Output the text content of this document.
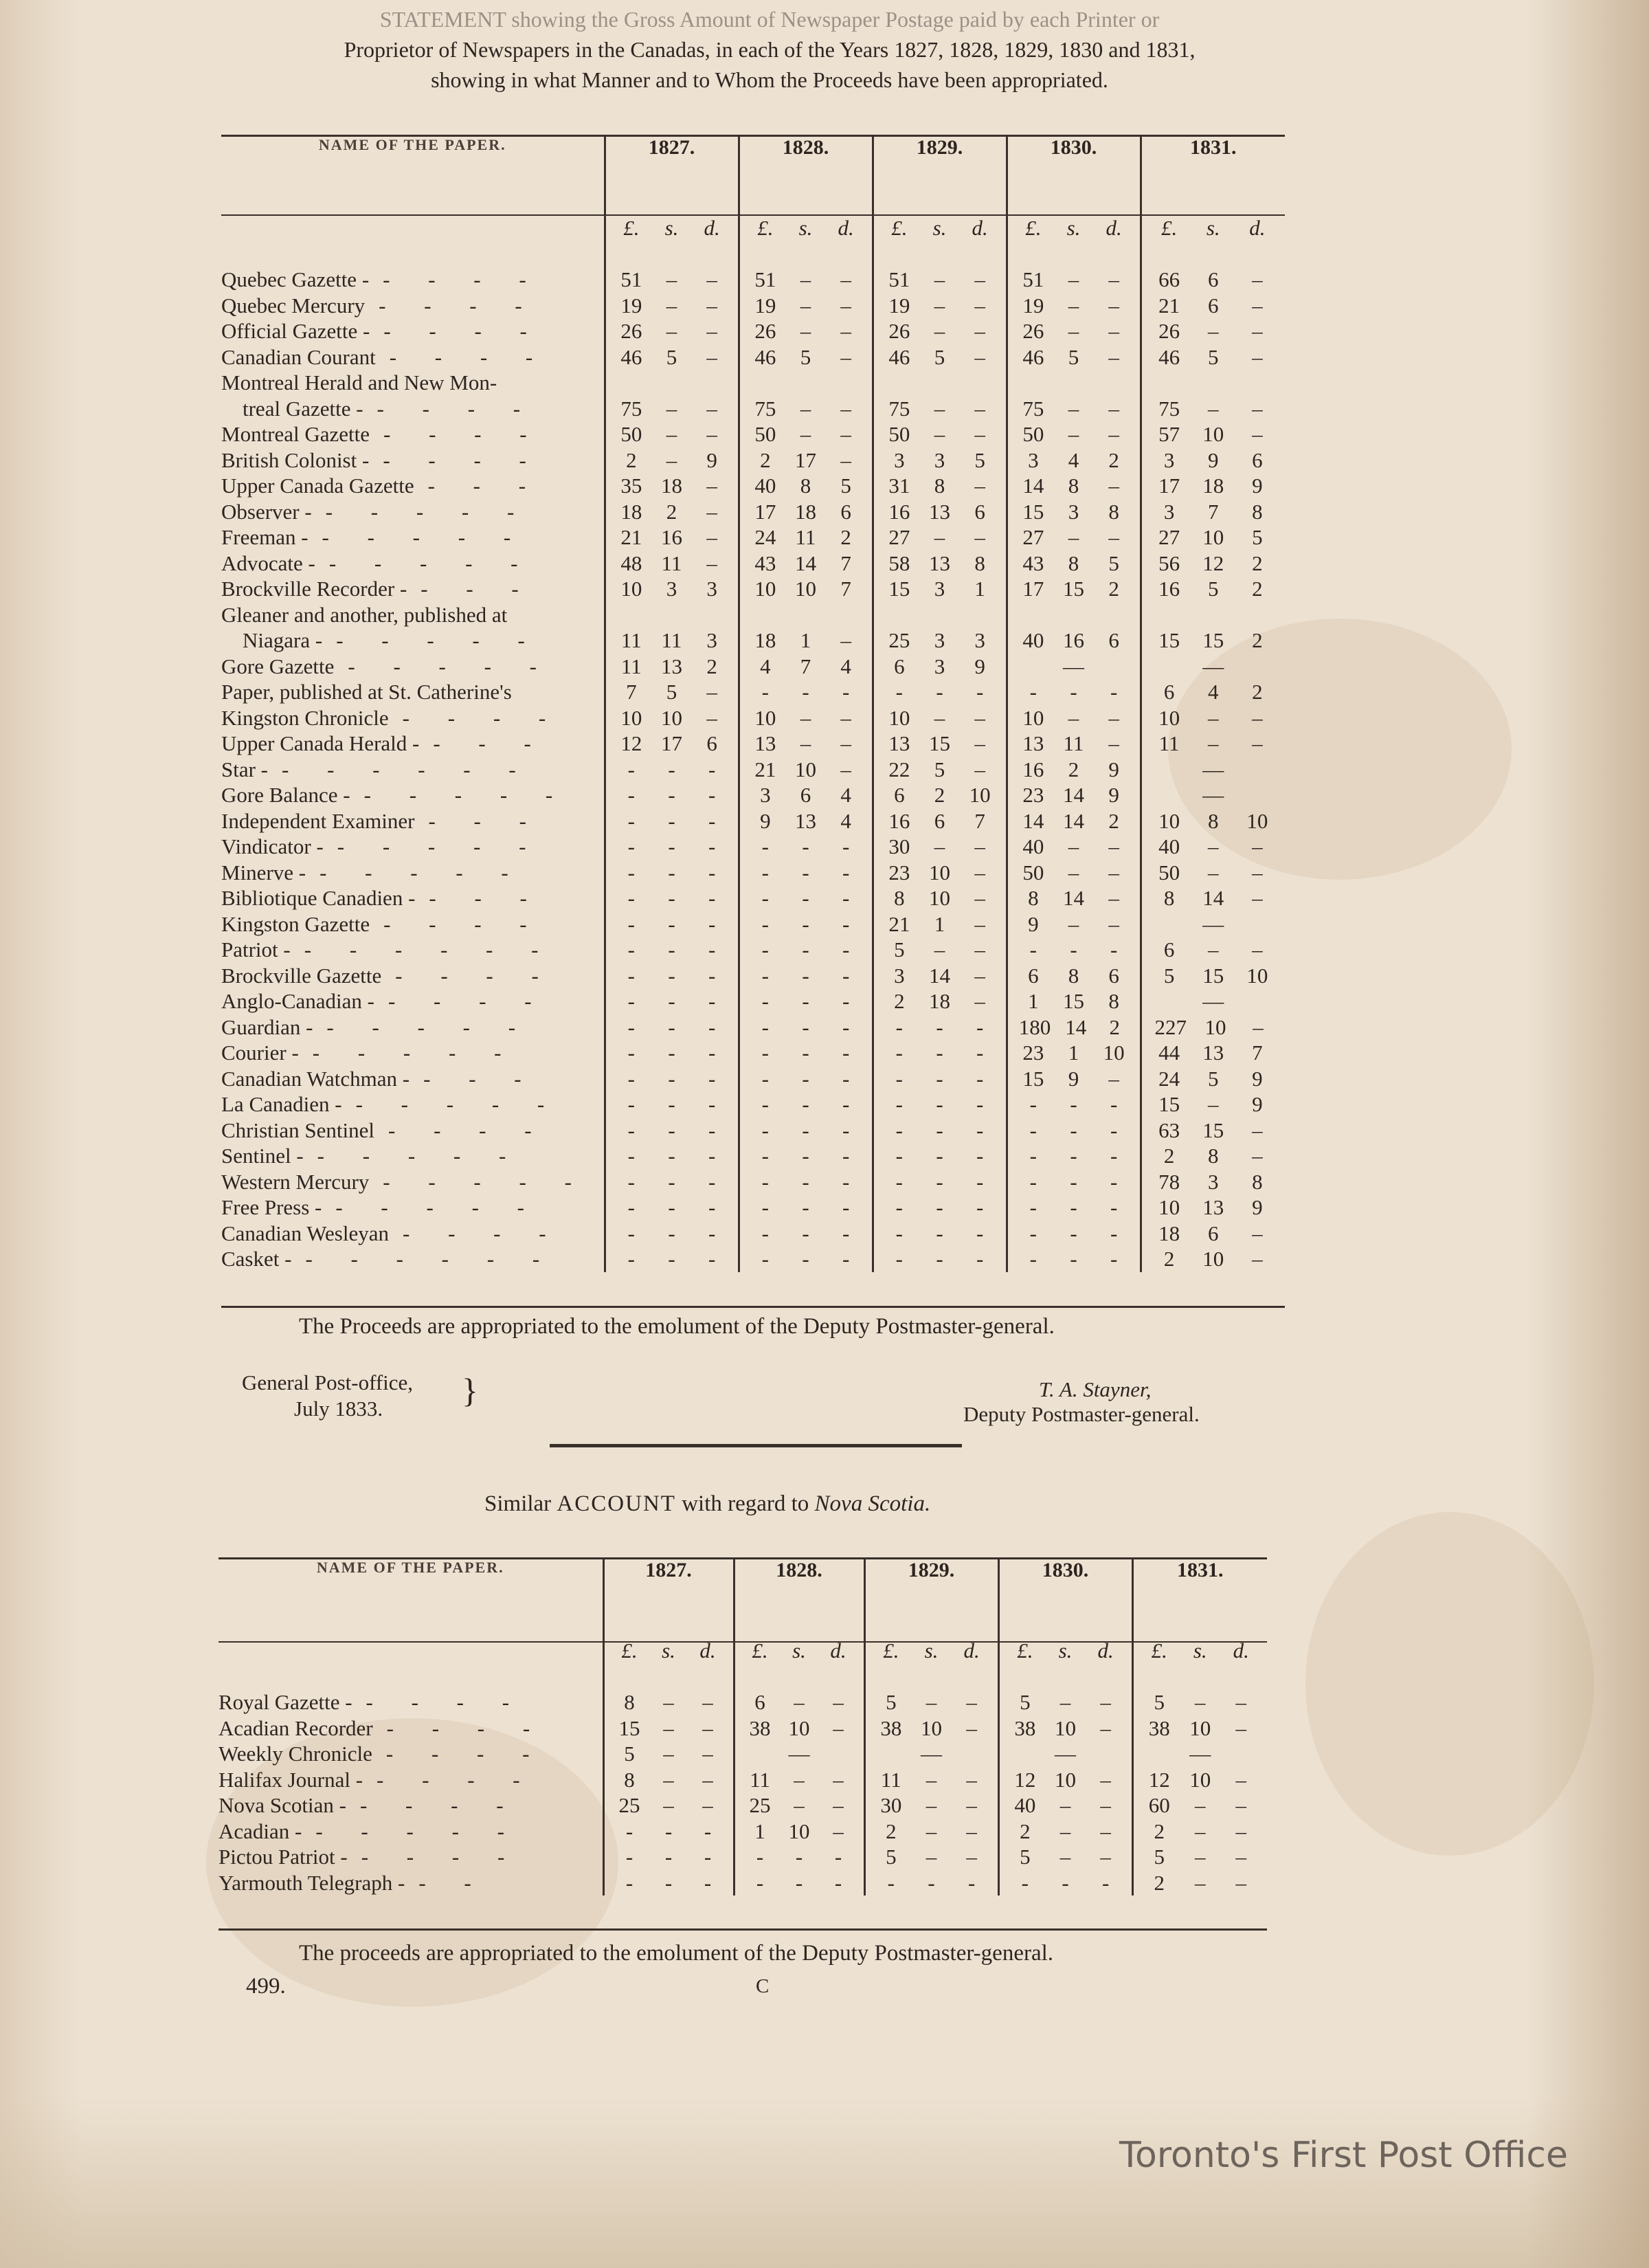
STATEMENT showing the Gross Amount of Newspaper Postage paid by each Printer or
Proprietor of Newspapers in the Canadas, in each of the Years 1827, 1828, 1829, 1830 and 1831,
showing in what Manner and to Whom the Proceeds have been appropriated.
NAME OF THE PAPER.	1827.	1828.	1829.	1830.	1831.

	£. s. d.	£. s. d.	£. s. d.	£. s. d.	£. s. d.

Quebec Gazette - - - - -	51 – –	51 – –	51 – –	51 – –	66 6 –

Quebec Mercury - - - -	19 – –	19 – –	19 – –	19 – –	21 6 –

Official Gazette - - - - -	26 – –	26 – –	26 – –	26 – –	26 – –

Canadian Courant - - - -	46 5 –	46 5 –	46 5 –	46 5 –	46 5 –

Montreal Herald and New Mon-	

treal Gazette - - - - -	75 – –	75 – –	75 – –	75 – –	75 – –

Montreal Gazette - - - -	50 – –	50 – –	50 – –	50 – –	57 10 –

British Colonist - - - - -	2 – 9	2 17 –	3 3 5	3 4 2	3 9 6

Upper Canada Gazette - - -	35 18 –	40 8 5	31 8 –	14 8 –	17 18 9

Observer - - - - - -	18 2 –	17 18 6	16 13 6	15 3 8	3 7 8

Freeman - - - - - -	21 16 –	24 11 2	27 – –	27 – –	27 10 5

Advocate - - - - - -	48 11 –	43 14 7	58 13 8	43 8 5	56 12 2

Brockville Recorder - - - -	10 3 3	10 10 7	15 3 1	17 15 2	16 5 2

Gleaner and another, published at	

Niagara - - - - - -	11 11 3	18 1 –	25 3 3	40 16 6	15 15 2

Gore Gazette - - - - -	11 13 2	4 7 4	6 3 9	—	—

Paper, published at St. Catherine's	7 5 –	- - -	- - -	- - -	6 4 2

Kingston Chronicle - - - -	10 10 –	10 – –	10 – –	10 – –	10 – –

Upper Canada Herald - - - -	12 17 6	13 – –	13 15 –	13 11 –	11 – –

Star - - - - - - -	- - -	21 10 –	22 5 –	16 2 9	—

Gore Balance - - - - - -	- - -	3 6 4	6 2 10	23 14 9	—

Independent Examiner - - -	- - -	9 13 4	16 6 7	14 14 2	10 8 10

Vindicator - - - - - -	- - -	- - -	30 – –	40 – –	40 – –

Minerve - - - - - -	- - -	- - -	23 10 –	50 – –	50 – –

Bibliotique Canadien - - - -	- - -	- - -	8 10 –	8 14 –	8 14 –

Kingston Gazette - - - -	- - -	- - -	21 1 –	9 – –	—

Patriot - - - - - - -	- - -	- - -	5 – –	- - -	6 – –

Brockville Gazette - - - -	- - -	- - -	3 14 –	6 8 6	5 15 10

Anglo-Canadian - - - - -	- - -	- - -	2 18 –	1 15 8	—

Guardian - - - - - -	- - -	- - -	- - -	180 14 2	227 10 –

Courier - - - - - -	- - -	- - -	- - -	23 1 10	44 13 7

Canadian Watchman - - - -	- - -	- - -	- - -	15 9 –	24 5 9

La Canadien - - - - - -	- - -	- - -	- - -	- - -	15 – 9

Christian Sentinel - - - -	- - -	- - -	- - -	- - -	63 15 –

Sentinel - - - - - -	- - -	- - -	- - -	- - -	2 8 –

Western Mercury - - - - -	- - -	- - -	- - -	- - -	78 3 8

Free Press - - - - - -	- - -	- - -	- - -	- - -	10 13 9

Canadian Wesleyan - - - -	- - -	- - -	- - -	- - -	18 6 –

Casket - - - - - - -	- - -	- - -	- - -	- - -	2 10 –
The Proceeds are appropriated to the emolument of the Deputy Postmaster-general.
General Post-office,
July 1833. }	T. A. Stayner,
Deputy Postmaster-general.
Similar ACCOUNT with regard to Nova Scotia.
NAME OF THE PAPER.	1827.	1828.	1829.	1830.	1831.

	£. s. d.	£. s. d.	£. s. d.	£. s. d.	£. s. d.

Royal Gazette - - - - -	8 – –	6 – –	5 – –	5 – –	5 – –

Acadian Recorder - - - -	15 – –	38 10 –	38 10 –	38 10 –	38 10 –

Weekly Chronicle - - - -	5 – –	—	—	—	—

Halifax Journal - - - - -	8 – –	11 – –	11 – –	12 10 –	12 10 –

Nova Scotian - - - - -	25 – –	25 – –	30 – –	40 – –	60 – –

Acadian - - - - - -	- - -	1 10 –	2 – –	2 – –	2 – –

Pictou Patriot - - - - -	- - -	- - -	5 – –	5 – –	5 – –

Yarmouth Telegraph - - -	- - -	- - -	- - -	- - -	2 – –
The proceeds are appropriated to the emolument of the Deputy Postmaster-general.
499.	C
Toronto's First Post Office
